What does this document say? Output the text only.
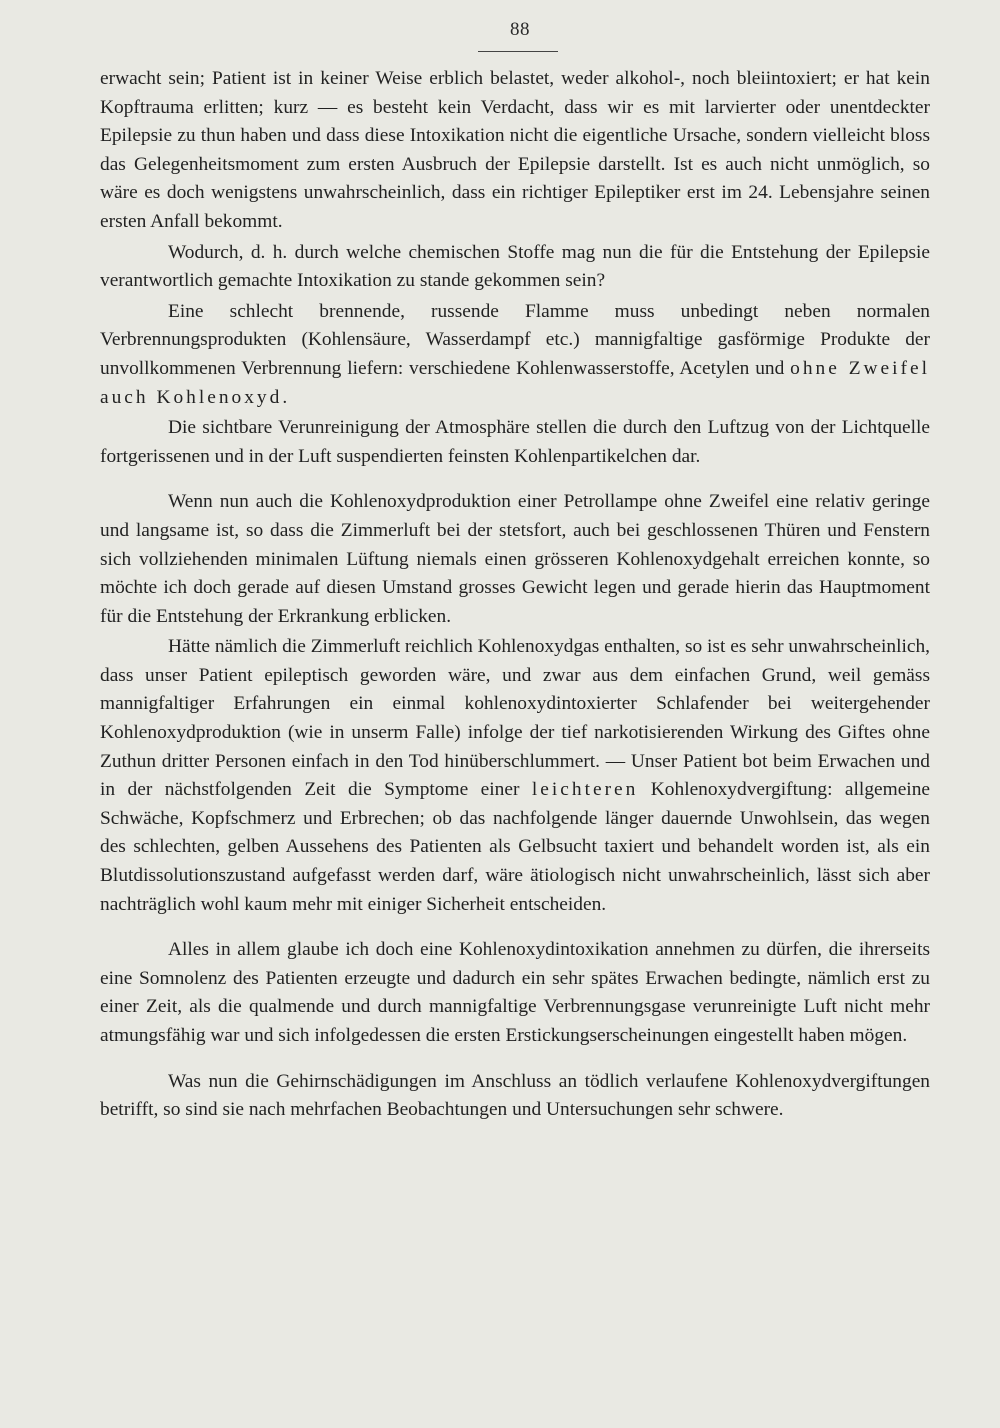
88

erwacht sein; Patient ist in keiner Weise erblich belastet, weder alkohol-, noch bleiintoxiert; er hat kein Kopftrauma erlitten; kurz — es besteht kein Verdacht, dass wir es mit larvierter oder unentdeckter Epilepsie zu thun haben und dass diese Intoxikation nicht die eigentliche Ursache, sondern vielleicht bloss das Gelegenheitsmoment zum ersten Ausbruch der Epilepsie darstellt. Ist es auch nicht unmöglich, so wäre es doch wenigstens unwahrscheinlich, dass ein richtiger Epileptiker erst im 24. Lebensjahre seinen ersten Anfall bekommt.

Wodurch, d. h. durch welche chemischen Stoffe mag nun die für die Entstehung der Epilepsie verantwortlich gemachte Intoxikation zu stande gekommen sein?

Eine schlecht brennende, russende Flamme muss unbedingt neben normalen Verbrennungsprodukten (Kohlensäure, Wasserdampf etc.) mannigfaltige gasförmige Produkte der unvollkommenen Verbrennung liefern: verschiedene Kohlenwasserstoffe, Acetylen und ohne Zweifel auch Kohlenoxyd.

Die sichtbare Verunreinigung der Atmosphäre stellen die durch den Luftzug von der Lichtquelle fortgerissenen und in der Luft suspendierten feinsten Kohlenpartikelchen dar.

Wenn nun auch die Kohlenoxydproduktion einer Petrollampe ohne Zweifel eine relativ geringe und langsame ist, so dass die Zimmerluft bei der stetsfort, auch bei geschlossenen Thüren und Fenstern sich vollziehenden minimalen Lüftung niemals einen grösseren Kohlenoxydgehalt erreichen konnte, so möchte ich doch gerade auf diesen Umstand grosses Gewicht legen und gerade hierin das Hauptmoment für die Entstehung der Erkrankung erblicken.

Hätte nämlich die Zimmerluft reichlich Kohlenoxydgas enthalten, so ist es sehr unwahrscheinlich, dass unser Patient epileptisch geworden wäre, und zwar aus dem einfachen Grund, weil gemäss mannigfaltiger Erfahrungen ein einmal kohlenoxydintoxierter Schlafender bei weitergehender Kohlenoxydproduktion (wie in unserm Falle) infolge der tief narkotisierenden Wirkung des Giftes ohne Zuthun dritter Personen einfach in den Tod hinüberschlummert. — Unser Patient bot beim Erwachen und in der nächstfolgenden Zeit die Symptome einer leichteren Kohlenoxydvergiftung: allgemeine Schwäche, Kopfschmerz und Erbrechen; ob das nachfolgende länger dauernde Unwohlsein, das wegen des schlechten, gelben Aussehens des Patienten als Gelbsucht taxiert und behandelt worden ist, als ein Blutdissolutionszustand aufgefasst werden darf, wäre ätiologisch nicht unwahrscheinlich, lässt sich aber nachträglich wohl kaum mehr mit einiger Sicherheit entscheiden.

Alles in allem glaube ich doch eine Kohlenoxydintoxikation annehmen zu dürfen, die ihrerseits eine Somnolenz des Patienten erzeugte und dadurch ein sehr spätes Erwachen bedingte, nämlich erst zu einer Zeit, als die qualmende und durch mannigfaltige Verbrennungsgase verunreinigte Luft nicht mehr atmungsfähig war und sich infolgedessen die ersten Erstickungserscheinungen eingestellt haben mögen.

Was nun die Gehirnschädigungen im Anschluss an tödlich verlaufene Kohlenoxydvergiftungen betrifft, so sind sie nach mehrfachen Beobachtungen und Untersuchungen sehr schwere.
